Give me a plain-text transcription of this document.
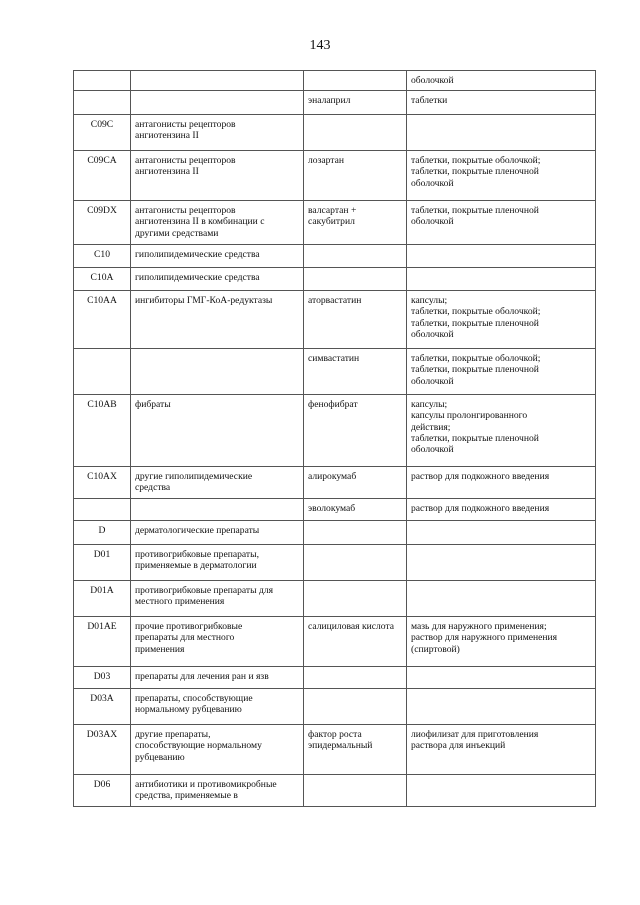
143

			оболочкой

		эналаприл	таблетки

C09C	антагонисты рецепторов
ангиотензина II		

C09CA	антагонисты рецепторов
ангиотензина II	лозартан	таблетки, покрытые оболочкой;
таблетки, покрытые пленочной
оболочкой

C09DX	антагонисты рецепторов
ангиотензина II в комбинации с
другими средствами	валсартан +
сакубитрил	таблетки, покрытые пленочной
оболочкой

C10	гиполипидемические средства		

C10A	гиполипидемические средства		

C10AA	ингибиторы ГМГ-КоА-редуктазы	аторвастатин	капсулы;
таблетки, покрытые оболочкой;
таблетки, покрытые пленочной
оболочкой

		симвастатин	таблетки, покрытые оболочкой;
таблетки, покрытые пленочной
оболочкой

C10AB	фибраты	фенофибрат	капсулы;
капсулы пролонгированного
действия;
таблетки, покрытые пленочной
оболочкой

C10AX	другие гиполипидемические
средства	алирокумаб	раствор для подкожного введения

		эволокумаб	раствор для подкожного введения

D	дерматологические препараты		

D01	противогрибковые препараты,
применяемые в дерматологии		

D01A	противогрибковые препараты для
местного применения		

D01AE	прочие противогрибковые
препараты для местного
применения	салициловая кислота	мазь для наружного применения;
раствор для наружного применения
(спиртовой)

D03	препараты для лечения ран и язв		

D03A	препараты, способствующие
нормальному рубцеванию		

D03AX	другие препараты,
способствующие нормальному
рубцеванию	фактор роста
эпидермальный	лиофилизат для приготовления
раствора для инъекций

D06	антибиотики и противомикробные
средства, применяемые в		
